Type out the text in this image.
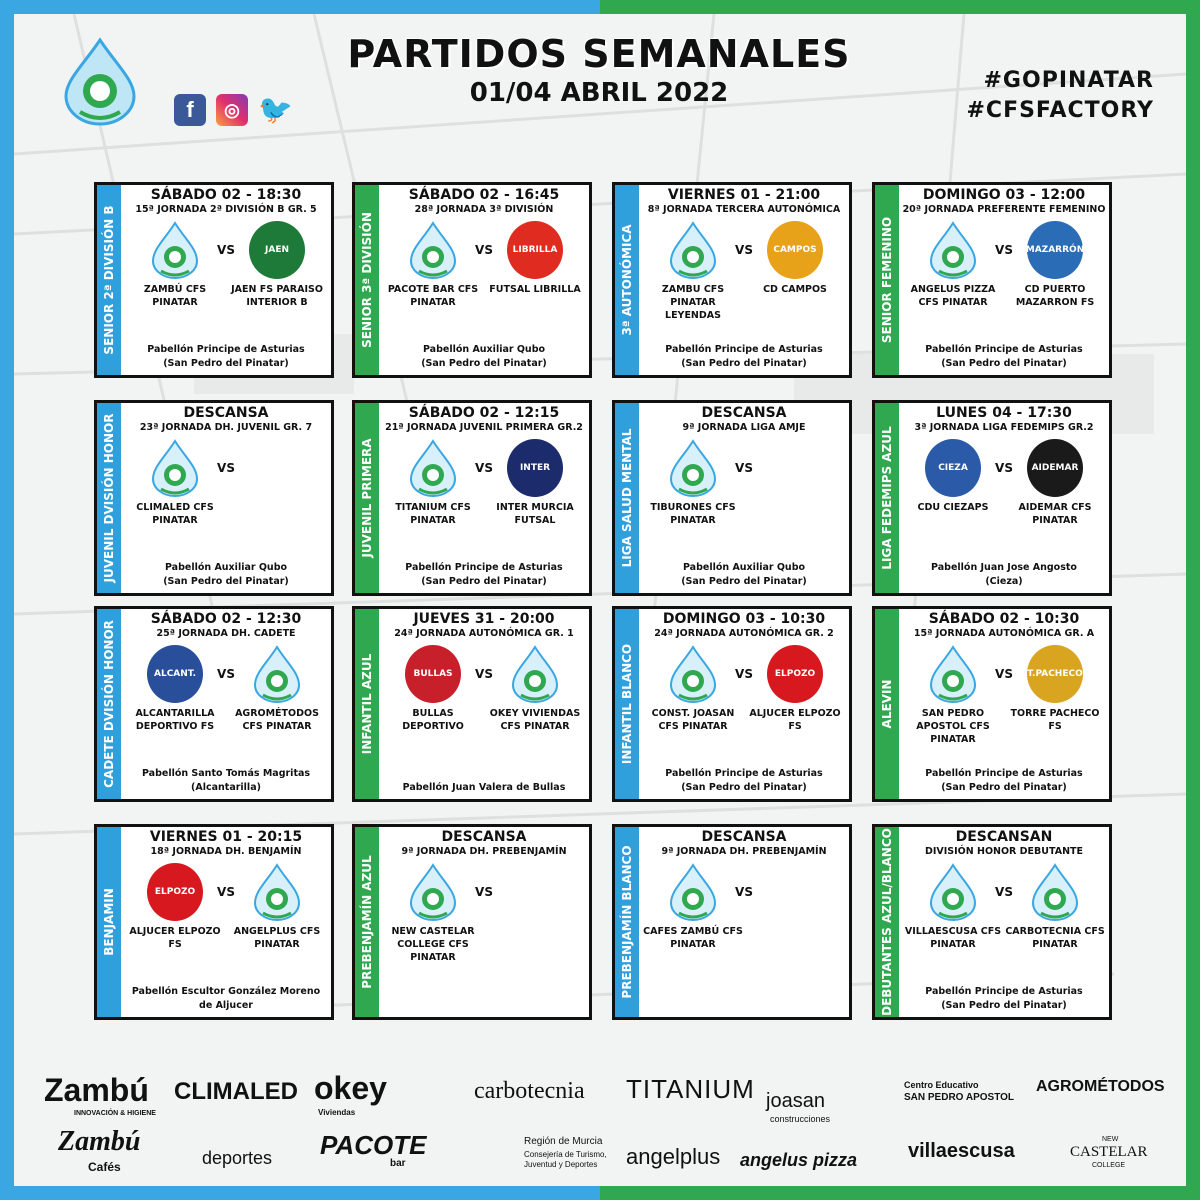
f	◎ 🐦
PARTIDOS SEMANALES
01/04 ABRIL 2022	#GOPINATAR
#CFSFACTORY
SENIOR 2ª DIVISIÓN B
SÁBADO 02 - 18:30
15ª JORNADA 2ª DIVISIÓN B GR. 5
ZAMBÚ CFS PINATAR
VS	JAEN
JAEN FS PARAISO INTERIOR B
Pabellón Principe de Asturias
(San Pedro del Pinatar)
SENIOR 3ª DIVISIÓN
SÁBADO 02 - 16:45
28ª JORNADA 3ª DIVISIÓN
PACOTE BAR CFS PINATAR
VS	LIBRILLA
FUTSAL LIBRILLA
Pabellón Auxiliar Qubo
(San Pedro del Pinatar)
3ª AUTONÓMICA
VIERNES 01 - 21:00
8ª JORNADA TERCERA AUTONÓMICA
ZAMBU CFS PINATAR LEYENDAS
VS	CAMPOS
CD CAMPOS
Pabellón Principe de Asturias
(San Pedro del Pinatar)
SENIOR FEMENINO
DOMINGO 03 - 12:00
20ª JORNADA PREFERENTE FEMENINO
ANGELUS PIZZA CFS PINATAR
VS MAZARRÓN
CD PUERTO MAZARRON FS
Pabellón Principe de Asturias
(San Pedro del Pinatar)
JUVENIL DVISIÓN HONOR
DESCANSA
23ª JORNADA DH. JUVENIL GR. 7
CLIMALED CFS PINATAR
VS
Pabellón Auxiliar Qubo
(San Pedro del Pinatar)
JUVENIL PRIMERA
SÁBADO 02 - 12:15
21ª JORNADA JUVENIL PRIMERA GR.2
TITANIUM CFS PINATAR
VS	INTER
INTER MURCIA FUTSAL
Pabellón Principe de Asturias
(San Pedro del Pinatar)
LIGA SALUD MENTAL
DESCANSA
9ª JORNADA LIGA AMJE
TIBURONES CFS PINATAR
VS
Pabellón Auxiliar Qubo
(San Pedro del Pinatar)
LIGA FEDEMIPS AZUL
LUNES 04 - 17:30
3ª JORNADA LIGA FEDEMIPS GR.2
CIEZA
CDU CIEZAPS
VS	AIDEMAR
AIDEMAR CFS PINATAR
Pabellón Juan Jose Angosto
(Cieza)
CADETE DVISIÓN HONOR
SÁBADO 02 - 12:30
25ª JORNADA DH. CADETE
ALCANT.
ALCANTARILLA DEPORTIVO FS
VS
AGROMÉTODOS CFS PINATAR
Pabellón Santo Tomás Magritas
(Alcantarilla)
INFANTIL AZUL
JUEVES 31 - 20:00
24ª JORNADA AUTONÓMICA GR. 1
BULLAS
BULLAS DEPORTIVO
VS
OKEY VIVIENDAS CFS PINATAR
Pabellón Juan Valera de Bullas
INFANTIL BLANCO
DOMINGO 03 - 10:30
24ª JORNADA AUTONÓMICA GR. 2
CONST. JOASAN CFS PINATAR
VS	ELPOZO
ALJUCER ELPOZO FS
Pabellón Principe de Asturias
(San Pedro del Pinatar)
ALEVIN
SÁBADO 02 - 10:30
15ª JORNADA AUTONÓMICA GR. A
SAN PEDRO APOSTOL CFS PINATAR
VS T.PACHECO
TORRE PACHECO FS
Pabellón Principe de Asturias
(San Pedro del Pinatar)
BENJAMIN
VIERNES 01 - 20:15
18ª JORNADA DH. BENJAMÍN
ELPOZO
ALJUCER ELPOZO FS
VS
ANGELPLUS CFS PINATAR
Pabellón Escultor González Moreno
de Aljucer
PREBENJAMÍN AZUL
DESCANSA
9ª JORNADA DH. PREBENJAMÍN
NEW CASTELAR COLLEGE CFS PINATAR
VS	PREBENJAMÍN BLANCO
DESCANSA
9ª JORNADA DH. PREBENJAMÍN
CAFES ZAMBÚ CFS PINATAR
VS	DEBUTANTES AZUL/BLANCO	DESCANSAN
DIVISIÓN HONOR DEBUTANTE
VILLAESCUSA CFS PINATAR
VS
CARBOTECNIA CFS PINATAR
Pabellón Principe de Asturias
(San Pedro del Pinatar)
Zambú
INNOVACIÓN & HIGIENE
CLIMALED okey
Viviendas
carbotecnia TITANIUM joasan
construcciones
Centro Educativo
SAN PEDRO APOSTOL
AGROMÉTODOS
Zambú
Cafés	deportes PACOTE
bar
Región de Murcia
Consejería de Turismo,
Juventud y Deportes angelplus angelus pizza	villaescusa
NEW
CASTELAR
COLLEGE
